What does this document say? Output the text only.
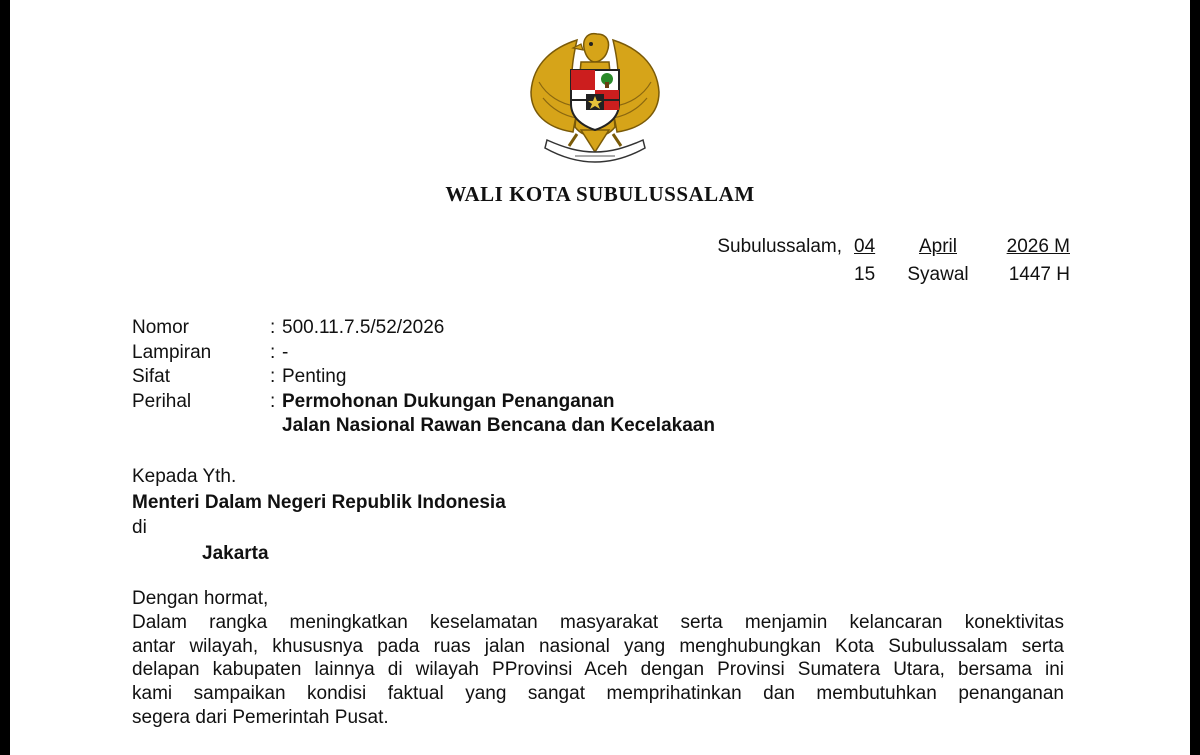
WALI KOTA SUBULUSSALAM
Subulussalam, 04	April	2026 M
15	Syawal	1447 H
Nomor	: 500.11.7.5/52/2026
Lampiran	: -
Sifat	: Penting
Perihal	: Permohonan Dukungan Penanganan
Jalan Nasional Rawan Bencana dan Kecelakaan
Kepada Yth.
Menteri Dalam Negeri Republik Indonesia
di
Jakarta
Dengan hormat,
Dalam rangka meningkatkan keselamatan masyarakat serta menjamin kelancaran konektivitas
antar wilayah, khususnya pada ruas jalan nasional yang menghubungkan Kota Subulussalam serta
delapan kabupaten lainnya di wilayah PProvinsi Aceh dengan Provinsi Sumatera Utara, bersama ini
kami sampaikan kondisi faktual yang sangat memprihatinkan dan membutuhkan penanganan
segera dari Pemerintah Pusat.
